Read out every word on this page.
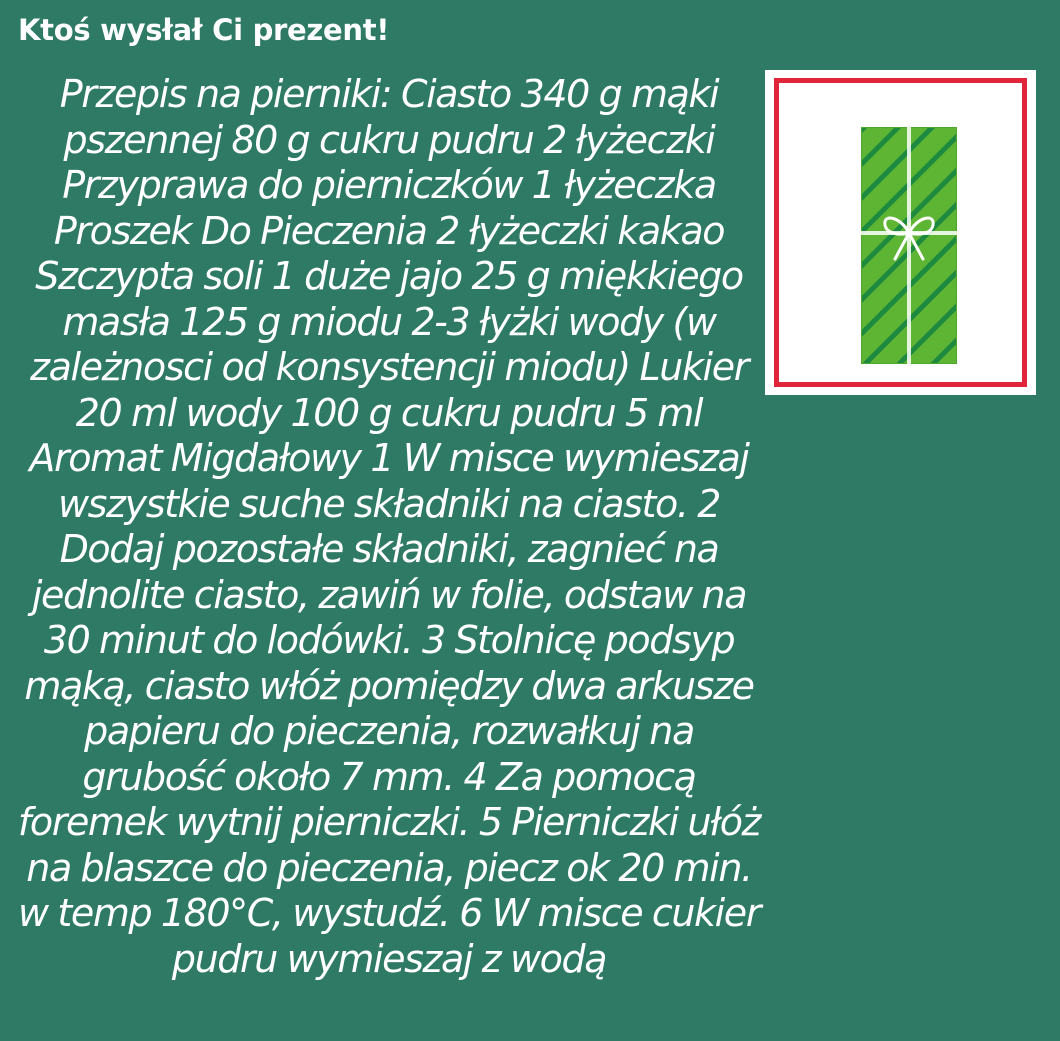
Ktoś wysłał Ci prezent!

Przepis na pierniki: Ciasto 340 g mąki pszennej 80 g cukru pudru 2 łyżeczki Przyprawa do pierniczków 1 łyżeczka Proszek Do Pieczenia 2 łyżeczki kakao Szczypta soli 1 duże jajo 25 g miękkiego masła 125 g miodu 2-3 łyżki wody (w zależnosci od konsystencji miodu) Lukier 20 ml wody 100 g cukru pudru 5 ml Aromat Migdałowy 1 W misce wymieszaj wszystkie suche składniki na ciasto. 2 Dodaj pozostałe składniki, zagnieć na jednolite ciasto, zawiń w folie, odstaw na 30 minut do lodówki. 3 Stolnicę podsyp mąką, ciasto włóż pomiędzy dwa arkusze papieru do pieczenia, rozwałkuj na grubość około 7 mm. 4 Za pomocą foremek wytnij pierniczki. 5 Pierniczki ułóż na blaszce do pieczenia, piecz ok 20 min. w temp 180°C, wystudź. 6 W misce cukier pudru wymieszaj z wodą
